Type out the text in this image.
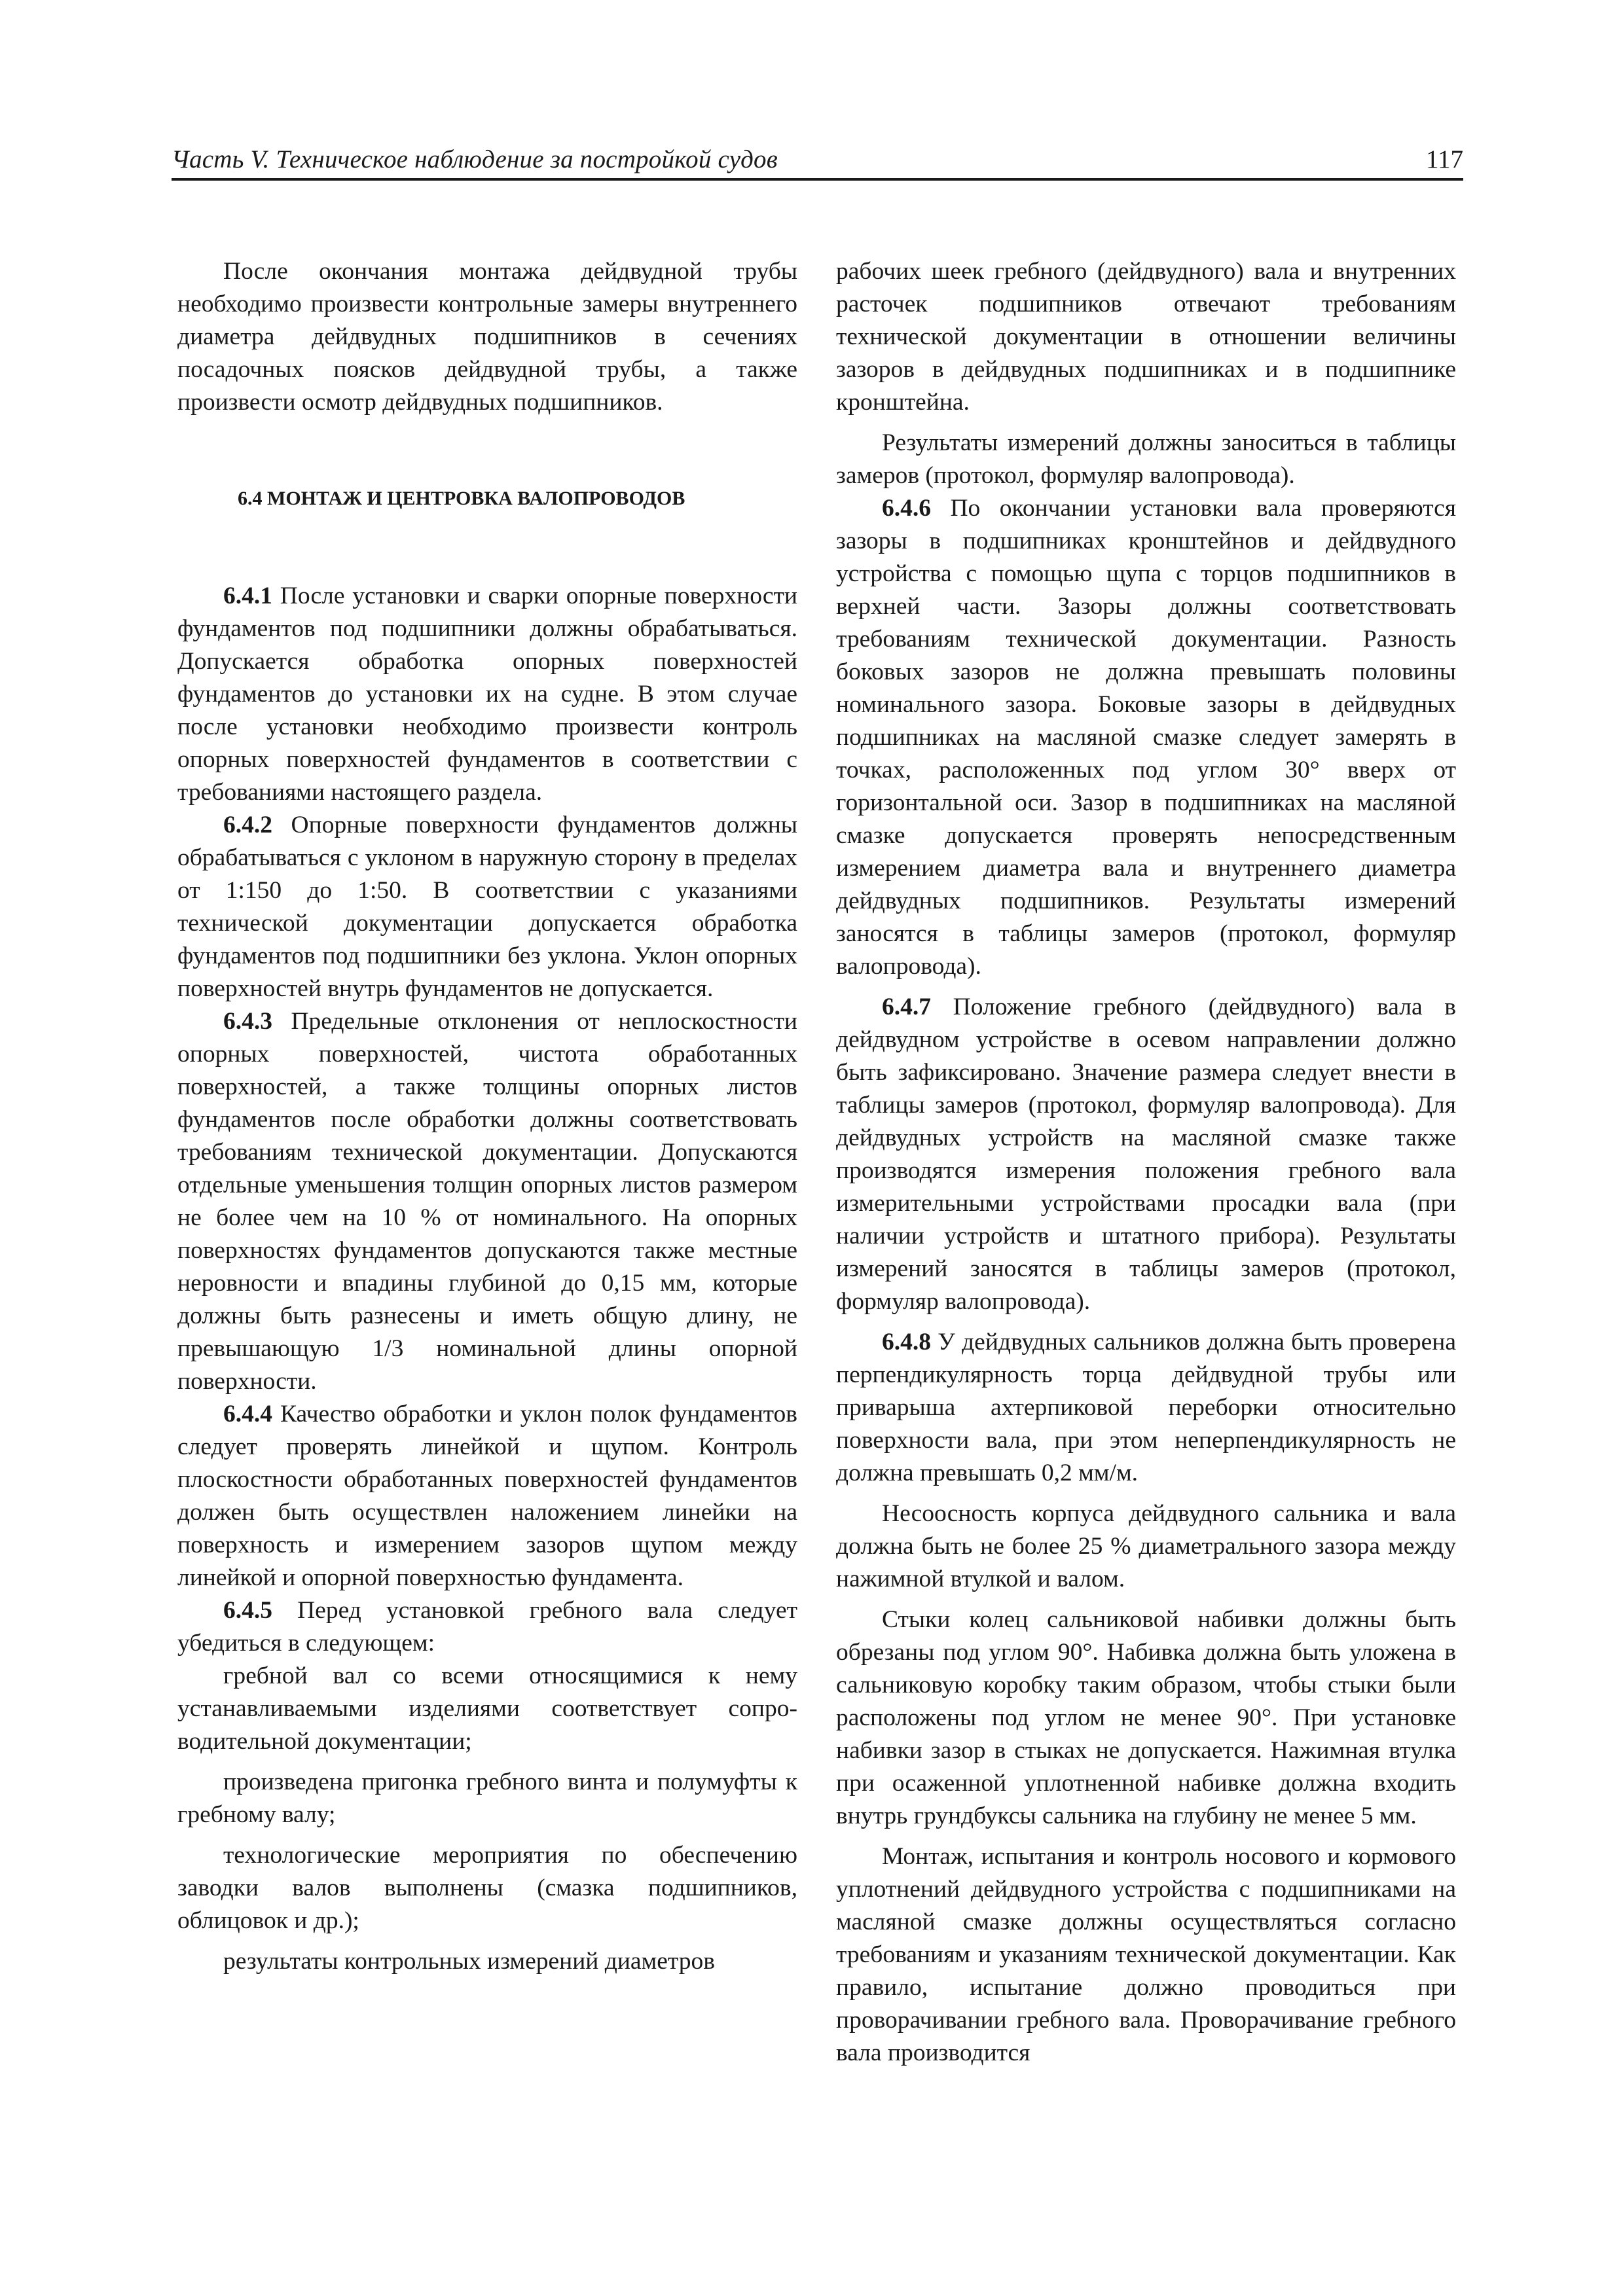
Часть V. Техническое наблюдение за постройкой судов	117

После окончания монтажа дейдвудной трубы необходимо произвести контрольные замеры внутреннего диаметра дейдвудных подшипников в сечениях посадочных поясков дейдвудной трубы, а также произвести осмотр дейдвудных подшипников.

6.4 МОНТАЖ И ЦЕНТРОВКА ВАЛОПРОВОДОВ

6.4.1 После установки и сварки опорные поверхности фундаментов под подшипники должны обрабатываться. Допускается обработка опорных поверхностей фундаментов до установки их на судне. В этом случае после установки необходимо произвести контроль опорных поверхностей фундаментов в соответствии с требованиями настоящего раздела.

6.4.2 Опорные поверхности фундаментов должны обрабатываться с уклоном в наружную сторону в пределах от 1:150 до 1:50. В соответствии с указаниями технической документации допускается обработка фундаментов под подшипники без уклона. Уклон опорных поверхностей внутрь фундаментов не допускается.

6.4.3 Предельные отклонения от неплоскостности опорных поверхностей, чистота обработанных поверхностей, а также толщины опорных листов фундаментов после обработки должны соответствовать требованиям технической документации. Допускаются отдельные уменьшения толщин опорных листов размером не более чем на 10 % от номинального. На опорных поверхностях фундаментов допускаются также местные неровности и впадины глубиной до 0,15 мм, которые должны быть разнесены и иметь общую длину, не превышающую 1/3 номинальной длины опорной поверхности.

6.4.4 Качество обработки и уклон полок фундаментов следует проверять линейкой и щупом. Контроль плоскостности обработанных поверхностей фундаментов должен быть осуществлен наложением линейки на поверхность и измерением зазоров щупом между линейкой и опорной поверхностью фундамента.

6.4.5 Перед установкой гребного вала следует убедиться в следующем:

гребной вал со всеми относящимися к нему устанавливаемыми изделиями соответствует сопроводительной документации;

произведена пригонка гребного винта и полумуфты к гребному валу;

технологические мероприятия по обеспечению заводки валов выполнены (смазка подшипников, облицовок и др.);

результаты контрольных измерений диаметров

рабочих шеек гребного (дейдвудного) вала и внутренних расточек подшипников отвечают требованиям технической документации в отношении величины зазоров в дейдвудных подшипниках и в подшипнике кронштейна.

Результаты измерений должны заноситься в таблицы замеров (протокол, формуляр валопровода).

6.4.6 По окончании установки вала проверяются зазоры в подшипниках кронштейнов и дейдвудного устройства с помощью щупа с торцов подшипников в верхней части. Зазоры должны соответствовать требованиям технической документации. Разность боковых зазоров не должна превышать половины номинального зазора. Боковые зазоры в дейдвудных подшипниках на масляной смазке следует замерять в точках, расположенных под углом 30° вверх от горизонтальной оси. Зазор в подшипниках на масляной смазке допускается проверять непосредственным измерением диаметра вала и внутреннего диаметра дейдвудных подшипников. Результаты измерений заносятся в таблицы замеров (протокол, формуляр валопровода).

6.4.7 Положение гребного (дейдвудного) вала в дейдвудном устройстве в осевом направлении должно быть зафиксировано. Значение размера следует внести в таблицы замеров (протокол, формуляр валопровода). Для дейдвудных устройств на масляной смазке также производятся измерения положения гребного вала измерительными устройствами просадки вала (при наличии устройств и штатного прибора). Результаты измерений заносятся в таблицы замеров (протокол, формуляр валопровода).

6.4.8 У дейдвудных сальников должна быть проверена перпендикулярность торца дейдвудной трубы или приварыша ахтерпиковой переборки относительно поверхности вала, при этом неперпендикулярность не должна превышать 0,2 мм/м.

Несоосность корпуса дейдвудного сальника и вала должна быть не более 25 % диаметрального зазора между нажимной втулкой и валом.

Стыки колец сальниковой набивки должны быть обрезаны под углом 90°. Набивка должна быть уложена в сальниковую коробку таким образом, чтобы стыки были расположены под углом не менее 90°. При установке набивки зазор в стыках не допускается. Нажимная втулка при осаженной уплотненной набивке должна входить внутрь грундбуксы сальника на глубину не менее 5 мм.

Монтаж, испытания и контроль носового и кормового уплотнений дейдвудного устройства с подшипниками на масляной смазке должны осуществляться согласно требованиям и указаниям технической документации. Как правило, испытание должно проводиться при проворачивании гребного вала. Проворачивание гребного вала производится
